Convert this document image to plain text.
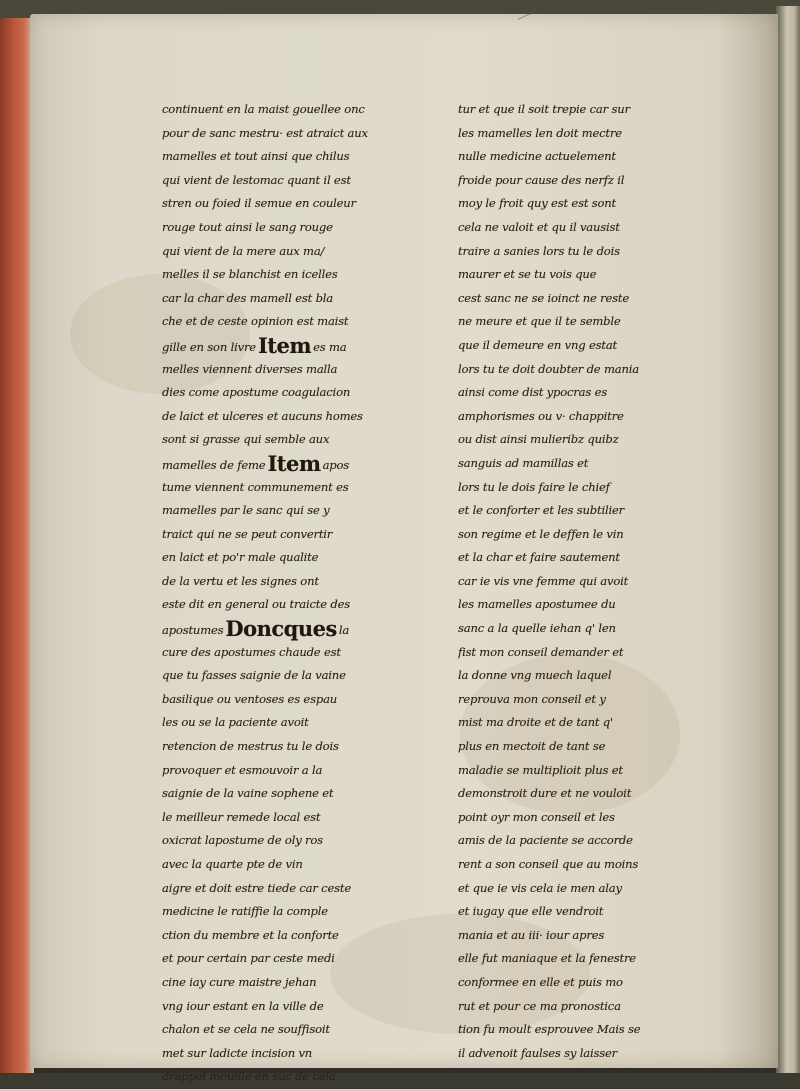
continuent en la maist gouellee onc
pour de sanc mestru· est atraict aux
mamelles et tout ainsi que chilus
qui vient de lestomac quant il est
stren ou foied il semue en couleur
rouge tout ainsi le sang rouge
qui vient de la mere aux ma/
melles il se blanchist en icelles
car la char des mamell est bla
che et de ceste opinion est maist
gille en son livreItem es ma
melles viennent diverses malla
dies come apostume coagulacion
de laict et ulceres et aucuns homes
sont si grasse qui semble aux
mamelles de femeItem apos
tume viennent communement es
mamelles par le sanc qui se y
traict qui ne se peut convertir
en laict et po'r male qualite
de la vertu et les signes ont
este dit en general ou traicte des
apostumesDoncques la
cure des apostumes chaude est
que tu fasses saignie de la vaine
basilique ou ventoses es espau
les ou se la paciente avoit
retencion de mestrus tu le dois
provoquer et esmouvoir a la
saignie de la vaine sophene et
le meilleur remede local est
oxicrat lapostume de oly ros
avec la quarte pte de vin
aigre et doit estre tiede car ceste
medicine le ratiffie la comple
ction du membre et la conforte
et pour certain par ceste medi
cine iay cure maistre jehan
vng iour estant en la ville de
chalon et se cela ne souffisoit
met sur ladicte incision vn
drappel mouille en suc de cela
tur et que il soit trepie car sur
les mamelles len doit mectre
nulle medicine actuelement
froide pour cause des nerfz il
moy le froit quy est est sont
cela ne valoit et qu il vausist
traire a sanies lors tu le dois
maurer et se tu vois que
cest sanc ne se ioinct ne reste
ne meure et que il te semble
que il demeure en vng estat
lors tu te doit doubter de mania
ainsi come dist ypocras es
amphorismes ou v· chappitre
ou dist ainsi mulieribz quibz
sanguis ad mamillas et
lors tu le dois faire le chief
et le conforter et les subtilier
son regime et le deffen le vin
et la char et faire sautement
car ie vis vne femme qui avoit
les mamelles apostumee du
sanc a la quelle iehan q' len
fist mon conseil demander et
la donne vng muech laquel
reprouva mon conseil et y
mist ma droite et de tant q'
plus en mectoit de tant se
maladie se multiplioit plus et
demonstroit dure et ne vouloit
point oyr mon conseil et les
amis de la paciente se accorde
rent a son conseil que au moins
et que ie vis cela ie men alay
et iugay que elle vendroit
mania et au iii· iour apres
elle fut maniaque et la fenestre
conformee en elle et puis mo
rut et pour ce ma pronostica
tion fu moult esprouvee Mais se
il advenoit faulses sy laisser
